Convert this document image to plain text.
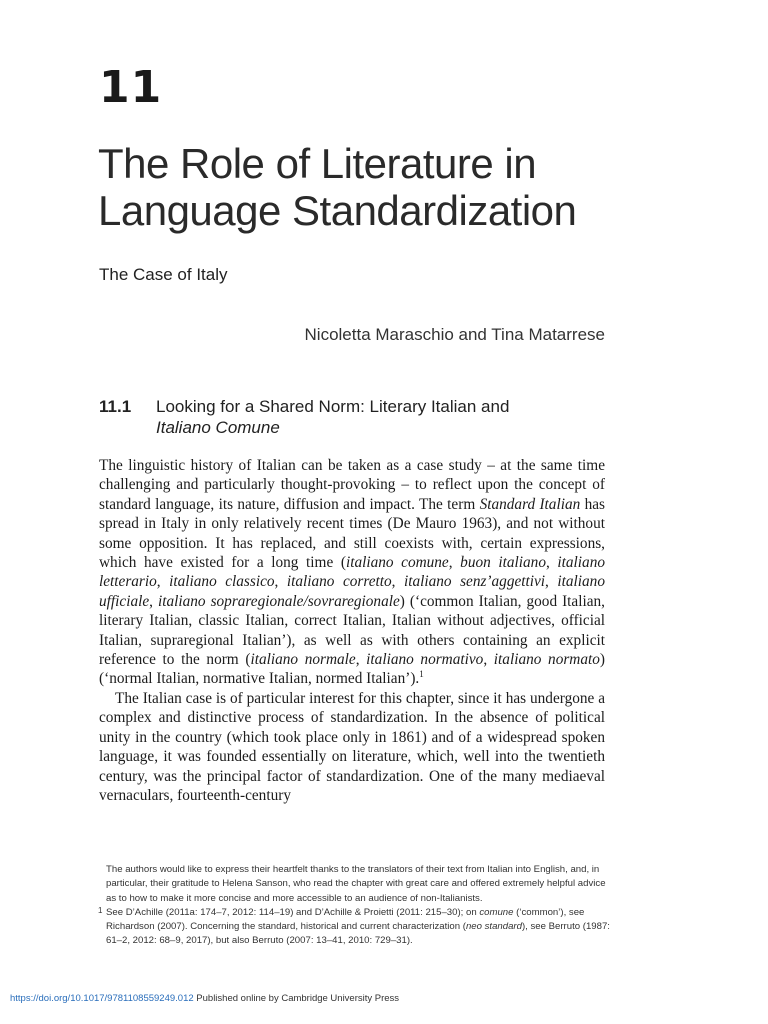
11
The Role of Literature in
Language Standardization
The Case of Italy
Nicoletta Maraschio and Tina Matarrese
11.1 Looking for a Shared Norm: Literary Italian and
Italiano Comune

The linguistic history of Italian can be taken as a case study – at the same time challenging and particularly thought-provoking – to reflect upon the concept of standard language, its nature, diffusion and impact. The term Standard Italian has spread in Italy in only relatively recent times (De Mauro 1963), and not without some opposition. It has replaced, and still coexists with, certain expressions, which have existed for a long time (italiano comune, buon italiano, italiano letterario, italiano classico, italiano corretto, italiano senz’aggettivi, italiano ufficiale, italiano sopraregionale/sovraregionale) (‘common Italian, good Italian, literary Italian, classic Italian, correct Italian, Italian without adjectives, official Italian, supraregional Italian’), as well as with others containing an explicit reference to the norm (italiano normale, italiano normativo, italiano normato) (‘normal Italian, normative Italian, normed Italian’).$^1$

The Italian case is of particular interest for this chapter, since it has undergone a complex and distinctive process of standardization. In the absence of political unity in the country (which took place only in 1861) and of a widespread spoken language, it was founded essentially on literature, which, well into the twentieth century, was the principal factor of standardization. One of the many mediaeval vernaculars, fourteenth-century

The authors would like to express their heartfelt thanks to the translators of their text from Italian into English, and, in particular, their gratitude to Helena Sanson, who read the chapter with great care and offered extremely helpful advice as to how to make it more concise and more accessible to an audience of non-Italianists.

1 See D’Achille (2011a: 174–7, 2012: 114–19) and D’Achille & Proietti (2011: 215–30); on comune (‘common’), see Richardson (2007). Concerning the standard, historical and current characterization (neo standard), see Berruto (1987: 61–2, 2012: 68–9, 2017), but also Berruto (2007: 13–41, 2010: 729–31).

https://doi.org/10.1017/9781108559249.012 Published online by Cambridge University Press
